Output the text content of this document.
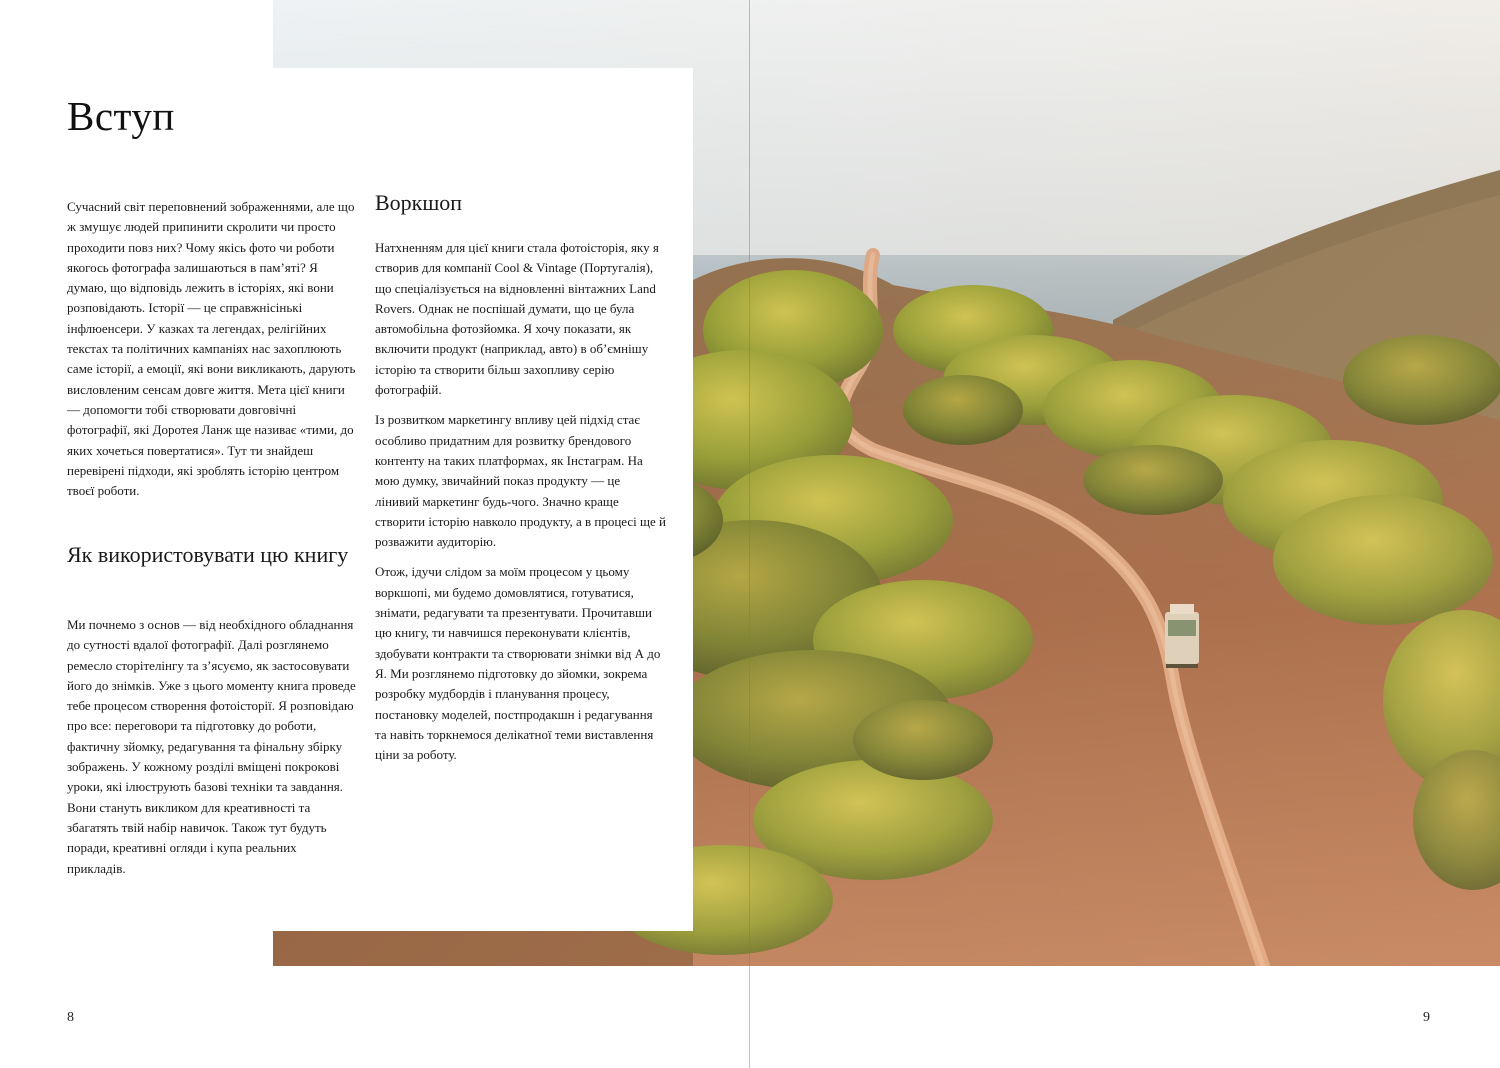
Вступ

Сучасний світ переповнений зображеннями, але що ж змушує людей припинити скролити чи просто проходити повз них? Чому якісь фото чи роботи якогось фотографа залишаються в пам’яті? Я думаю, що відповідь лежить в історіях, які вони розповідають. Історії — це справжнісінькі інфлюенсери. У казках та легендах, релігійних текстах та політичних кампаніях нас захоплюють саме історії, а емоції, які вони викликають, дарують висловленим сенсам довге життя. Мета цієї книги — допомогти тобі створювати довговічні фотографії, які Доротея Ланж ще називає «тими, до яких хочеться повертатися». Тут ти знайдеш перевірені підходи, які зроблять історію центром твоєї роботи.

Як використовувати цю книгу

Ми почнемо з основ — від необхідного обладнання до сутності вдалої фотографії. Далі розглянемо ремесло сторітелінгу та з’ясуємо, як застосовувати його до знімків. Уже з цього моменту книга проведе тебе процесом створення фотоісторії. Я розповідаю про все: переговори та підготовку до роботи, фактичну зйомку, редагування та фінальну збірку зображень. У кожному розділі вміщені покрокові уроки, які ілюструють базові техніки та завдання. Вони стануть викликом для креативності та збагатять твій набір навичок. Також тут будуть поради, креативні огляди і купа реальних прикладів.

Воркшоп

Натхненням для цієї книги стала фотоісторія, яку я створив для компанії Cool & Vintage (Португалія), що спеціалізується на відновленні вінтажних Land Rovers. Однак не поспішай думати, що це була автомобільна фотозйомка. Я хочу показати, як включити продукт (наприклад, авто) в обʼємнішу історію та створити більш захопливу серію фотографій.

Із розвитком маркетингу впливу цей підхід стає особливо придатним для розвитку брендового контенту на таких платформах, як Інстаграм. На мою думку, звичайний показ продукту — це лінивий маркетинг будь-чого. Значно краще створити історію навколо продукту, а в процесі ще й розважити аудиторію.

Отож, ідучи слідом за моїм процесом у цьому воркшопі, ми будемо домовлятися, готуватися, знімати, редагувати та презентувати. Прочитавши цю книгу, ти навчишся переконувати клієнтів, здобувати контракти та створювати знімки від А до Я. Ми розглянемо підготовку до зйомки, зокрема розробку мудбордів і планування процесу, постановку моделей, постпродакшн і редагування та навіть торкнемося делікатної теми виставлення ціни за роботу.

8	9
